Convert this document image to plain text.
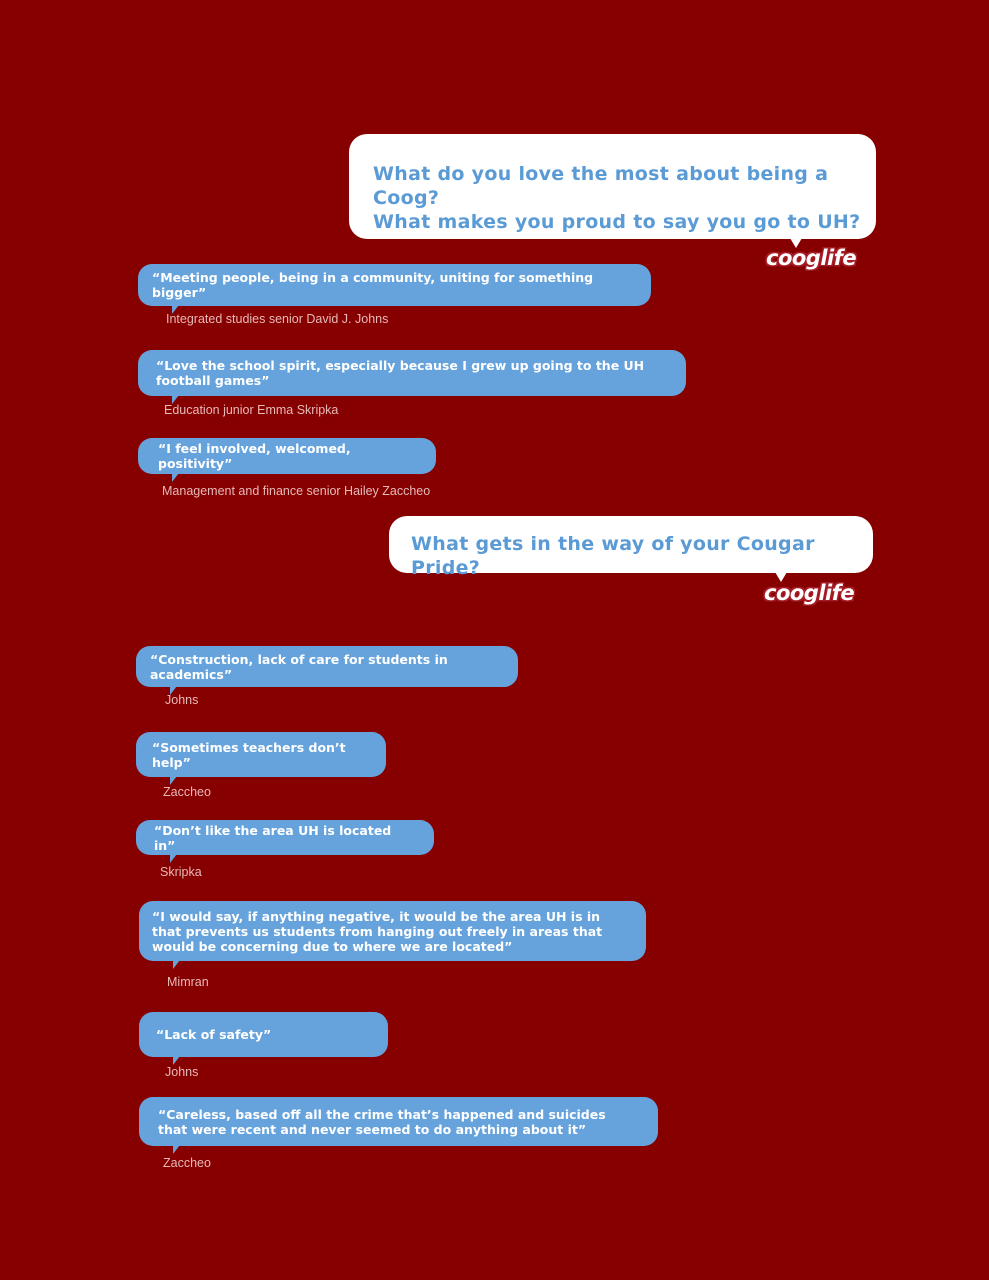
What do you love the most about being a Coog?
What makes you proud to say you go to UH?
cooglife
“Meeting people, being in a community, uniting for something bigger”
Integrated studies senior David J. Johns
“Love the school spirit, especially because I grew up going to the UH football games”
Education junior Emma Skripka
“I feel involved, welcomed, positivity”
Management and finance senior Hailey Zaccheo
What gets in the way of your Cougar Pride?
cooglife
“Construction, lack of care for students in academics”
Johns
“Sometimes teachers don’t help”
Zaccheo
“Don’t like the area UH is located in”
Skripka
“I would say, if anything negative, it would be the area UH is in that prevents us students from hanging out freely in areas that would be concerning due to where we are located”
Mimran
“Lack of safety”
Johns
“Careless, based off all the crime that’s happened and suicides that were recent and never seemed to do anything about it”
Zaccheo
